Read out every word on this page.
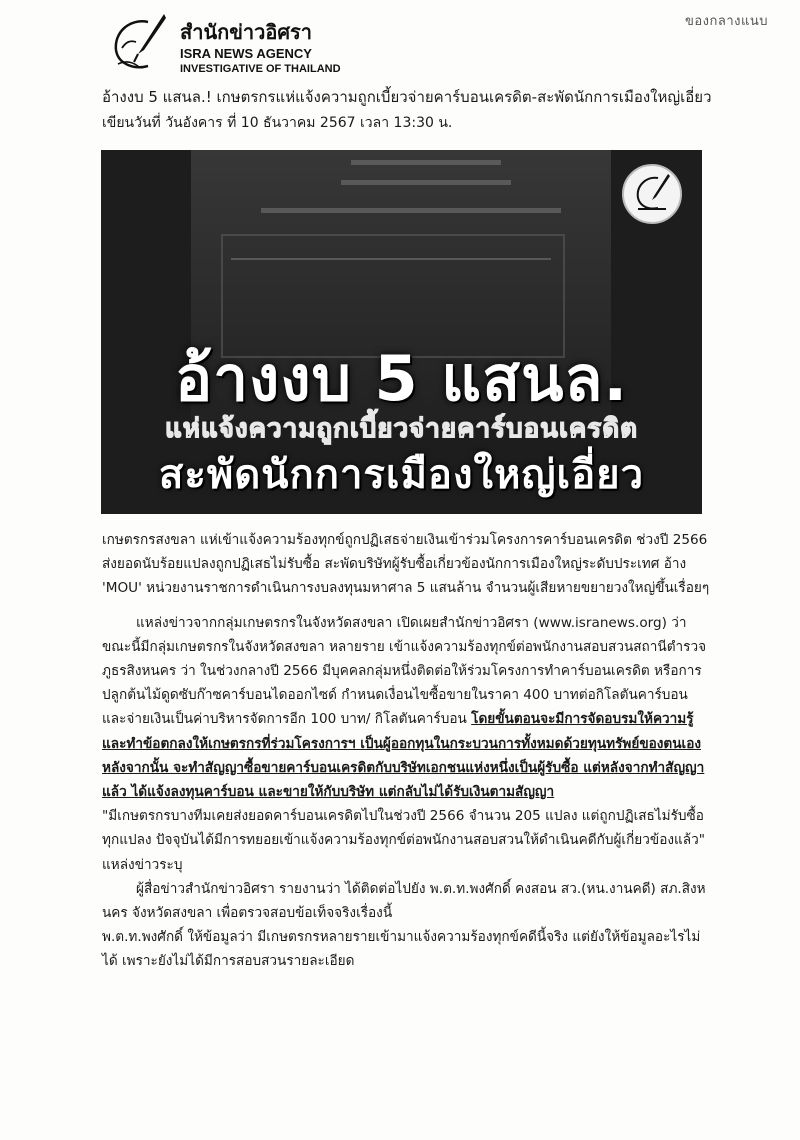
ของกลางแนบ
สำนักข่าวอิศรา
ISRA NEWS AGENCY
INVESTIGATIVE OF THAILAND
อ้างงบ 5 แสนล.! เกษตรกรแห่แจ้งความถูกเบี้ยวจ่ายคาร์บอนเครดิต-สะพัดนักการเมืองใหญ่เอี่ยว
เขียนวันที่ วันอังคาร ที่ 10 ธันวาคม 2567 เวลา 13:30 น.
อ้างงบ 5 แสนล.
แห่แจ้งความถูกเบี้ยวจ่ายคาร์บอนเครดิต
สะพัดนักการเมืองใหญ่เอี่ยว

เกษตรกรสงขลา แห่เข้าแจ้งความร้องทุกข์ถูกปฏิเสธจ่ายเงินเข้าร่วมโครงการคาร์บอนเครดิต ช่วงปี 2566 ส่งยอดนับร้อยแปลงถูกปฏิเสธไม่รับซื้อ สะพัดบริษัทผู้รับซื้อเกี่ยวข้องนักการเมืองใหญ่ระดับประเทศ อ้าง 'MOU' หน่วยงานราชการดำเนินการงบลงทุนมหาศาล 5 แสนล้าน จำนวนผู้เสียหายขยายวงใหญ่ขึ้นเรื่อยๆ

แหล่งข่าวจากกลุ่มเกษตรกรในจังหวัดสงขลา เปิดเผยสำนักข่าวอิศรา (www.isranews.org) ว่า ขณะนี้มีกลุ่มเกษตรกรในจังหวัดสงขลา หลายราย เข้าแจ้งความร้องทุกข์ต่อพนักงานสอบสวนสถานีตำรวจภูธรสิงหนคร ว่า ในช่วงกลางปี 2566 มีบุคคลกลุ่มหนึ่งติดต่อให้ร่วมโครงการทำคาร์บอนเครดิต หรือการปลูกต้นไม้ดูดซับก๊าซคาร์บอนไดออกไซด์ กำหนดเงื่อนไขซื้อขายในราคา 400 บาทต่อกิโลตันคาร์บอน และจ่ายเงินเป็นค่าบริหารจัดการอีก 100 บาท/ กิโลตันคาร์บอน โดยขั้นตอนจะมีการจัดอบรมให้ความรู้ และทำข้อตกลงให้เกษตรกรที่ร่วมโครงการฯ เป็นผู้ออกทุนในกระบวนการทั้งหมดด้วยทุนทรัพย์ของตนเอง หลังจากนั้น จะทำสัญญาซื้อขายคาร์บอนเครดิตกับบริษัทเอกชนแห่งหนึ่งเป็นผู้รับซื้อ แต่หลังจากทำสัญญาแล้ว ได้แจ้งลงทุนคาร์บอน และขายให้กับบริษัท แต่กลับไม่ได้รับเงินตามสัญญา

"มีเกษตรกรบางทีมเคยส่งยอดคาร์บอนเครดิตไปในช่วงปี 2566 จำนวน 205 แปลง แต่ถูกปฏิเสธไม่รับซื้อทุกแปลง ปัจจุบันได้มีการทยอยเข้าแจ้งความร้องทุกข์ต่อพนักงานสอบสวนให้ดำเนินคดีกับผู้เกี่ยวข้องแล้ว" แหล่งข่าวระบุ

ผู้สื่อข่าวสำนักข่าวอิศรา รายงานว่า ได้ติดต่อไปยัง พ.ต.ท.พงศักดิ์ คงสอน สว.(หน.งานคดี) สภ.สิงหนคร จังหวัดสงขลา เพื่อตรวจสอบข้อเท็จจริงเรื่องนี้

พ.ต.ท.พงศักดิ์ ให้ข้อมูลว่า มีเกษตรกรหลายรายเข้ามาแจ้งความร้องทุกข์คดีนี้จริง แต่ยังให้ข้อมูลอะไรไม่ได้ เพราะยังไม่ได้มีการสอบสวนรายละเอียด
